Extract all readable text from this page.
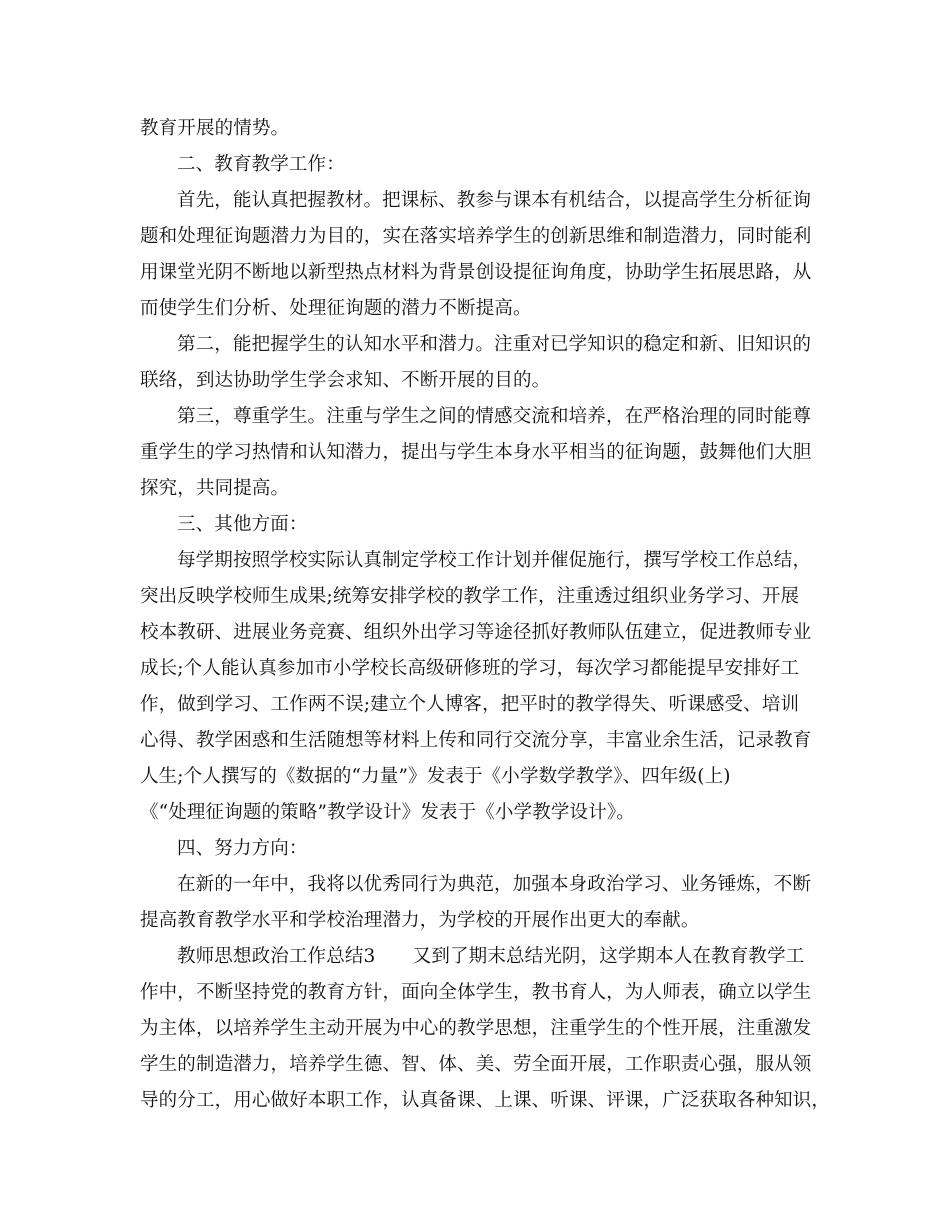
教育开展的情势。
二、教育教学工作：
首先，能认真把握教材。把课标、教参与课本有机结合，以提高学生分析征询
题和处理征询题潜力为目的，实在落实培养学生的创新思维和制造潜力，同时能利
用课堂光阴不断地以新型热点材料为背景创设提征询角度，协助学生拓展思路，从
而使学生们分析、处理征询题的潜力不断提高。
第二，能把握学生的认知水平和潜力。注重对已学知识的稳定和新、旧知识的
联络，到达协助学生学会求知、不断开展的目的。
第三，尊重学生。注重与学生之间的情感交流和培养，在严格治理的同时能尊
重学生的学习热情和认知潜力，提出与学生本身水平相当的征询题，鼓舞他们大胆
探究，共同提高。
三、其他方面：
每学期按照学校实际认真制定学校工作计划并催促施行，撰写学校工作总结，
突出反映学校师生成果;统筹安排学校的教学工作，注重透过组织业务学习、开展
校本教研、进展业务竞赛、组织外出学习等途径抓好教师队伍建立，促进教师专业
成长;个人能认真参加市小学校长高级研修班的学习，每次学习都能提早安排好工
作，做到学习、工作两不误;建立个人博客，把平时的教学得失、听课感受、培训
心得、教学困惑和生活随想等材料上传和同行交流分享，丰富业余生活，记录教育
人生;个人撰写的《数据的“力量”》发表于《小学数学教学》、四年级(上)
《“处理征询题的策略”教学设计》发表于《小学教学设计》。
四、努力方向：
在新的一年中，我将以优秀同行为典范，加强本身政治学习、业务锤炼，不断
提高教育教学水平和学校治理潜力，为学校的开展作出更大的奉献。
教师思想政治工作总结3　　又到了期末总结光阴，这学期本人在教育教学工
作中，不断坚持党的教育方针，面向全体学生，教书育人，为人师表，确立以学生
为主体，以培养学生主动开展为中心的教学思想，注重学生的个性开展，注重激发
学生的制造潜力，培养学生德、智、体、美、劳全面开展，工作职责心强，服从领
导的分工，用心做好本职工作，认真备课、上课、听课、评课，广泛获取各种知识，
